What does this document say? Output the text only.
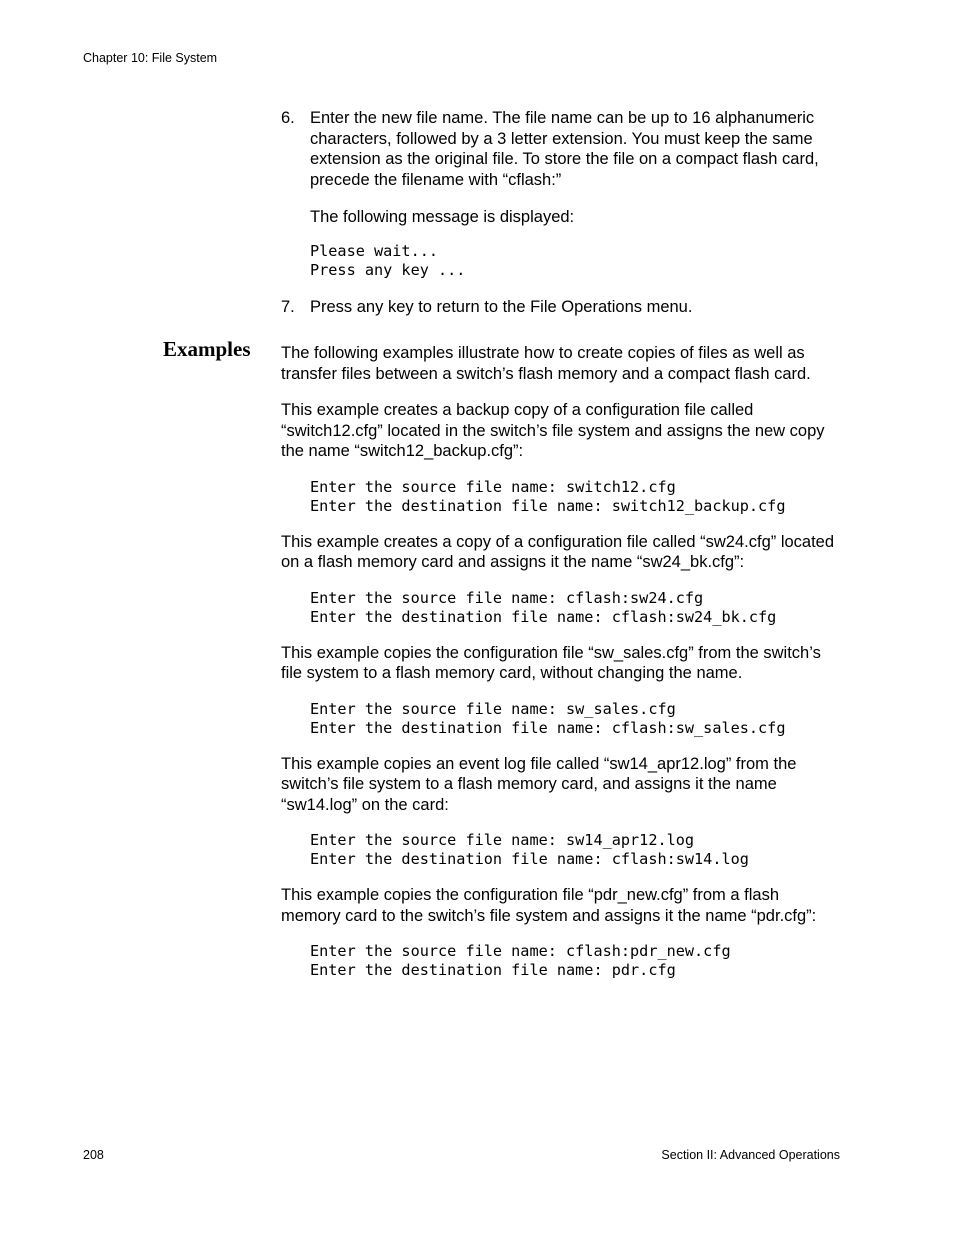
Chapter 10: File System
6. Enter the new file name. The file name can be up to 16 alphanumeric characters, followed by a 3 letter extension. You must keep the same extension as the original file. To store the file on a compact flash card, precede the filename with “cflash:”

The following message is displayed:

Please wait...
Press any key ...
7. Press any key to return to the File Operations menu.

The following examples illustrate how to create copies of files as well as transfer files between a switch’s flash memory and a compact flash card.

This example creates a backup copy of a configuration file called “switch12.cfg” located in the switch’s file system and assigns the new copy the name “switch12_backup.cfg”:

Enter the source file name: switch12.cfg
Enter the destination file name: switch12_backup.cfg

This example creates a copy of a configuration file called “sw24.cfg” located on a flash memory card and assigns it the name “sw24_bk.cfg”:

Enter the source file name: cflash:sw24.cfg
Enter the destination file name: cflash:sw24_bk.cfg

This example copies the configuration file “sw_sales.cfg” from the switch’s file system to a flash memory card, without changing the name.

Enter the source file name: sw_sales.cfg
Enter the destination file name: cflash:sw_sales.cfg

This example copies an event log file called “sw14_apr12.log” from the switch’s file system to a flash memory card, and assigns it the name “sw14.log” on the card:

Enter the source file name: sw14_apr12.log
Enter the destination file name: cflash:sw14.log

This example copies the configuration file “pdr_new.cfg” from a flash memory card to the switch’s file system and assigns it the name “pdr.cfg”:

Enter the source file name: cflash:pdr_new.cfg
Enter the destination file name: pdr.cfg
Examples
208	Section II: Advanced Operations
